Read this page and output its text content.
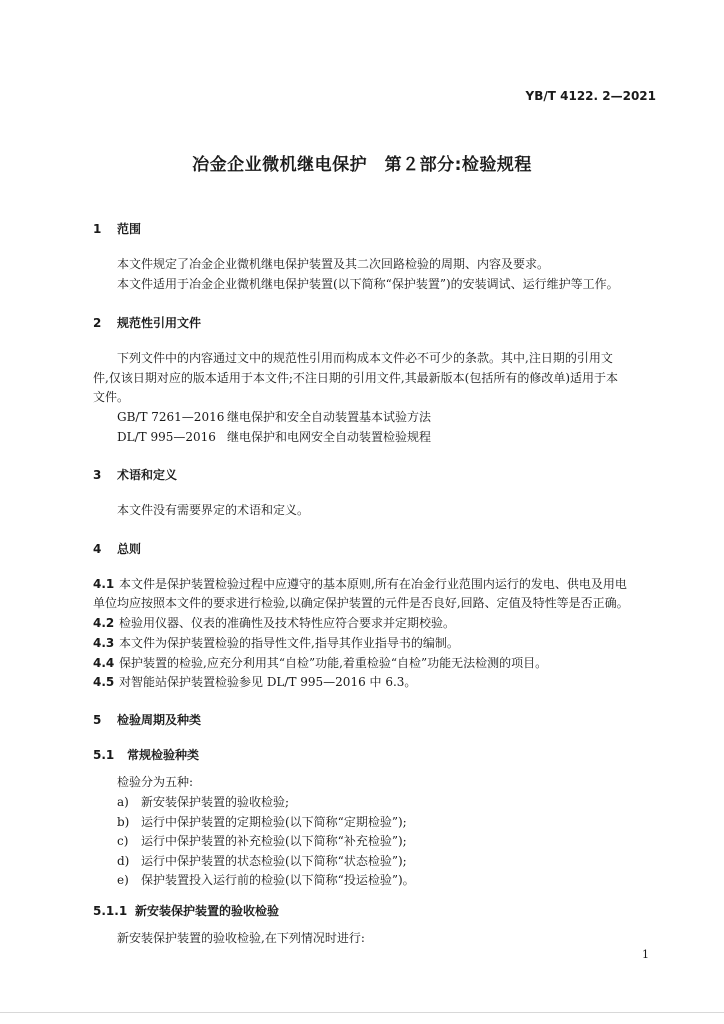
YB/T 4122. 2—2021
冶金企业微机继电保护　第２部分:检验规程
1 范围
本文件规定了冶金企业微机继电保护装置及其二次回路检验的周期、内容及要求。
本文件适用于冶金企业微机继电保护装置(以下简称“保护装置”)的安装调试、运行维护等工作。
2 规范性引用文件
下列文件中的内容通过文中的规范性引用而构成本文件必不可少的条款。其中,注日期的引用文
件,仅该日期对应的版本适用于本文件;不注日期的引用文件,其最新版本(包括所有的修改单)适用于本
文件。
GB/T 7261—2016 继电保护和安全自动装置基本试验方法
DL/T 995—2016 继电保护和电网安全自动装置检验规程
3 术语和定义
本文件没有需要界定的术语和定义。
4 总则
4.1 本文件是保护装置检验过程中应遵守的基本原则,所有在冶金行业范围内运行的发电、供电及用电
单位均应按照本文件的要求进行检验,以确定保护装置的元件是否良好,回路、定值及特性等是否正确。
4.2 检验用仪器、仪表的准确性及技术特性应符合要求并定期校验。
4.3 本文件为保护装置检验的指导性文件,指导其作业指导书的编制。
4.4 保护装置的检验,应充分利用其“自检”功能,着重检验“自检”功能无法检测的项目。
4.5 对智能站保护装置检验参见 DL/T 995—2016 中 6.3。
5 检验周期及种类
5.1 常规检验种类
检验分为五种:
a) 新安装保护装置的验收检验;
b) 运行中保护装置的定期检验(以下简称“定期检验”);
c) 运行中保护装置的补充检验(以下简称“补充检验”);
d) 运行中保护装置的状态检验(以下简称“状态检验”);
e) 保护装置投入运行前的检验(以下简称“投运检验”)。
5.1.1 新安装保护装置的验收检验
新安装保护装置的验收检验,在下列情况时进行:
1
